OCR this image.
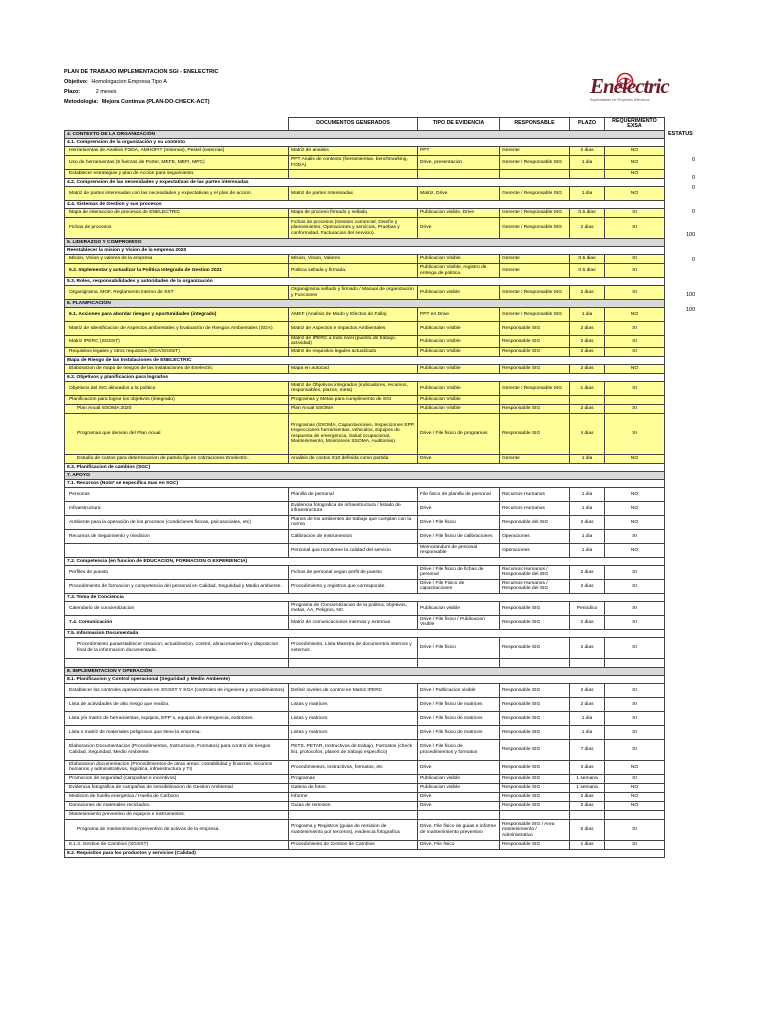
PLAN DE TRABAJO IMPLEMENTACION SGI - ENELECTRIC
Objetivo: Homologacion Empresa Tipo A
Plazo:	2 meses
Metodologia: Mejora Continua (PLAN-DO-CHECK-ACT)
Enelectric
Especialistas en Proyectos Eléctricos
ESTATUS
0
0
0
0
100
0
100
100
	DOCUMENTOS GENERADOS	TIPO DE EVIDENCIA	RESPONSABLE	PLAZO	REQUERIMIENTO EXSA
4. CONTEXTO DE LA ORGANIZACIÓN					
4.1. Comprension de la organización y su contexto					
Herramientas de Analisis FODA, AMHOFIT (Internas), Pestel (externas)	Matriz de analisis	PPT	Gerente	2 dias	NO
Uso de herramientas (5 fuerzas de Porter, MEFE, MEFI, MPC)	PPT Analis de contexto (herramientas, benchmarking, FODA)	Drive, presentacion	Gerente / Responsable SIG	1 dia	NO
Establecer estrategias y plan de Accion para seguimiento.					NO
4.2. Comprension de las necesidades y expectativas de las partes interesadas					
Matriz de partes interesadas con las necesidades y expectativas y el plan de accion.	Matriz de partes Interesadas	Matriz, Drive	Gerente / Responsable SIG	1 dia	NO
4.4. Sistemas de Gestion y sus procesos					
Mapa de interaccion de procesos de ENELECTRIC	Mapa de proceso firmado y sellado	Publicacion visible, Drive	Gerente / Responsable SIG	0.5 dias	SI
Fichas de procesos	Fichas de procesos (Gestion comercial, Diseño y planeamiento, Operaciones y servicios, Pruebas y conformidad, Facturacion del servicio).	Drive	Gerente / Responsable SIG	2 dias	SI
5. LIDERAZGO Y COMPROMISO					
Reestablecer la mision y Vision de la empresa 2020					
Mision, Vision y valores de la empresa	Mision, Vision, Valores	Publicacion Visible	Gerente	0.5 dias	SI
5.2. Implementar y actualizar la Politica Integrada de Gestion 2021	Politica sellada y firmada.	Publicacion Visible, registro de entrega de politica.	Gerente	0.5 dias	SI
5.3. Roles, responsabilidades y autoridades de la organización					
Organigrama, MOF, Reglamento interno de SST	Organigrama sellado y firmado / Manual de organización y Funciones	Publicacion visible	Gerente / Responsable SIG	2 dias	SI
6. PLANIFICACION					
6.1. Acciones para abordar riesgos y oportunidades (integrado)	AMEF (Analisis de Modo y Efectos de Falla)	PPT en Drive	Gerente / Responsable SIG	1 dia	NO
Matriz de Identificacion de Aspectos ambientales y Evaluación de Riesgos Ambientales (SGA)	Matriz de Aspectos e impactos Ambientales	Publicacion Visible	Responsable SIG	2 dias	SI
Matriz IPERC (SGSST)	Matriz de IPERC a todo nivel (puesto de trabajo, actividad)	Publicacion Visible	Responsable SIG	2 dias	SI
Requisitos legales y otros requisitos (SGA/SGSST)	Matriz de requisitos legales actualizado	Publicacion Visible	Responsable SIG	2 dias	SI
Mapa de Riesgo de las Instalaciones de ENELECTRIC					
Elaboracion de mapa de riesgos de las instalaciones de Enelectric	Mapa en autocad	Publicacion Visible	Responsable SIG	2 dias	NO
6.2. Objetivos y planificacion para lograrlos					
Objetivos del SIG alineados a la politica	Matriz de Objetivos integrados (indicadores, recursos, responsables, plazos, meta)	Publicacion Visible	Gerente / Responsable SIG	1 dias	SI
Planificacion para lograr los objetivos (integrado)	Programas y Metas para cumplimiento de SGI	Publicacion Visible			
Plan Anual SSOMA 2020	Plan Anual SSOMA	Publicacion Visible	Responsable SIG	2 dias	SI
Programas que derivan del Plan Anual	Programas (SSOMA, Capacitaciones, Inspecciones EPP, Inspecciones herramientas, vehiculos, Equipos de respuesta de emergencia, Salud ocupacional, Mantenimiento, Monitoreos SSOMA, Auditorias)	Drive / File fisico de programas	Responsable SIG	4 dias	SI
Estudio de costos para determinacion de partida fija en cotizaciones Enelectric.	Analisis de costos S10 definida como partida	Drive	Gerente	1 dia	NO
6.3. Planificacion de cambios (SGC)					
7. APOYO					
7.1. Recursos (Nota* se especifica mas en SGC)					
Personas	Planilla de personal	File fisico de planilla de personal	Recursos Humanos	1 dia	NO
Infraestructura	Evidencia fotografica de infraestructura / listado de infraestructura	Drive	Recursos Humanos	1 dia	NO
Ambiente para la operación de los procesos (condiciones fisicas, psicosociales, etc)	Planos de los ambientes de trabajo que cumplan con la norma	Drive / File fisico	Responsable del SIG	2 dias	NO
Recursos de Seguimiento y medicion	Calibracion de Instrumentos	Drive / File fisico de calibraciones	Operaciones	1 dia	SI
	Personal que monitoree la calidad del servicio	Memorandum de personal responsable	Operaciones	1 dia	NO
7.2. Competencia (en funcion de EDUCACION, FORMACION O EXPERIENCIA)					
Perfiles de puesto	Fichas de personal segun perfil de puesto	Drive / File fisico de fichas de personal	Recursos Humanos / Responsable del SIG	2 dias	SI
Procedimiento de formacion y competencia del personal en Calidad, Seguridad y Medio ambiente.	Procedimiento y registros que corresponde.	Drive / File Fisico de capacitaciones	Recursos Humanos / Responsable del SIG	2 dias	SI
7.3. Toma de Conciencia					
Calendario de concientizacion	Programa de Concientizacion de la politica, objetivos, metas, AA, Peligros, NC	Publicacion visible	Responsable SIG	Periodico	SI
7.4. Comunicación	Matriz de comunicaciones internas y externas	Drive / File fisico / Publicacion Visible	Responsable SIG	2 dias	SI
7.5. Informacion Documentada					
Procedimiento paraestablecer creacion, actualizacion, control, almacenamiento y disposicion final de la informacion documentada.	Procedimiento, Lista Maestra de documentos internos y externos	Drive / File fisico	Responsable SIG	2 dias	SI

8. IMPLEMENTACION Y OPERACIÓN					
8.1. Planificacion y Control operacional (Seguridad y Medio Ambiente)					
Establecer los controles operacionales en SGSST Y SGA (controles de ingeniera y procedimientos)	Definir niveles de control en Matriz IPERC	Drive / Publicacion visible	Responsable SIG	2 dias	SI
Lista de actividades de alto riesgo que realiza.	Listas y matrices	Drive / File fisico de matrices	Responsable SIG	2 dias	SI
Lista y/o matriz de herramientas, equipos, EPP´s, equipos de emergencia, extintores.	Listas y matrices	Drive / File fisico de matrices	Responsable SIG	1 dia	SI
Lista o matriz de materiales peligrosos que tiene la empresa.	Listas y matrices	Drive / File fisico de matrices	Responsable SIG	1 dia	SI
Elaboracion Documentacion (Procedimientos, Instructivos, Formatos) para control de riesgos Calidad, Seguridad, Medio Ambiente.	PETS, PETAR, Instructivos de trabajo, Formatos (check list, protocolos, planes de trabajo especifico)	Drive / File fisico de procedimientos y formatos	Responsable SIG	7 dias	SI
Elaboracion documentacion (Procedimientos de otras areas: contabilidad y finanzas, recursos humanos y administrativos, logistica, infraestructura y TI)	Procedimientos, instructivos, formatos, etc	Drive	Responsable SIG	3 dias	NO
Promocion de seguridad (campañas e incentivos)	Programas	Publicacion visible	Responsable SIG	1 semana	SI
Evidencia fotografica de campañas de sensibilizacion de Gestion Ambiental	Galeria de fotos	Publicacion visible	Responsable SIG	1 semana	NO
Medicion de huella energetica / Huella de Carbono	Informe	Drive	Responsable SIG	2 dias	NO
Donaciones de materiales reciclados.	Guias de remision	Drive	Responsable SIG	2 dias	NO
Mantenimiento preventivo de equipos e instrumentos.					
Programa de mantenimiento preventivo de activos de la empresa.	Programa y Registros (guias de remision de mantenimiento por terceros), evidencia fotografica	Drive. File fisico de guias e informe de mantenimiento preventivo	Responsable SIG / Area mantenimiento / Administrativo	5 dias	SI
8.1.3. Gestion de Cambios (SGSST)	Procedimiento de Gestion de Cambios	Drive, File fisico	Responsable SIG	1 dias	SI
8.2. Requisitos para los productos y servicios (Calidad)					
